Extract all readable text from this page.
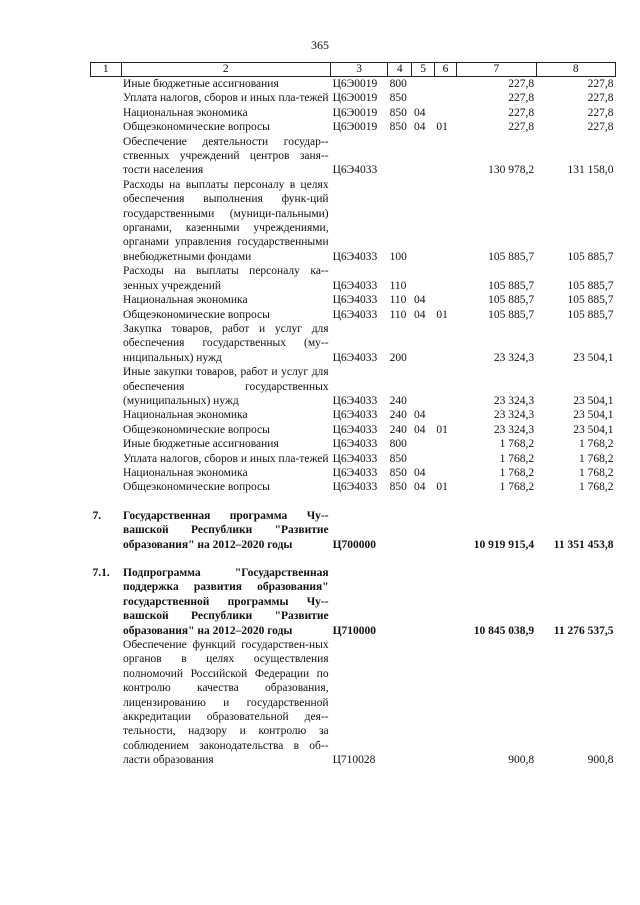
365
1	2	3	4	5	6	7	8
	Иные бюджетные ассигнования	Ц6Э0019	800			227,8	227,8
	Уплата налогов, сборов и иных пла-тежей	Ц6Э0019	850			227,8	227,8
	Национальная экономика	Ц6Э0019	850	04		227,8	227,8
	Общеэкономические вопросы	Ц6Э0019	850	04	01	227,8	227,8
	Обеспечение деятельности государ-ственных учреждений центров заня-тости населения	Ц6Э4033				130 978,2	131 158,0
	Расходы на выплаты персоналу в целях обеспечения выполнения функ-ций государственными (муници-пальными) органами, казенными учреждениями, органами управления государственными внебюджетными фондами	Ц6Э4033	100			105 885,7	105 885,7
	Расходы на выплаты персоналу ка-зенных учреждений	Ц6Э4033	110			105 885,7	105 885,7
	Национальная экономика	Ц6Э4033	110	04		105 885,7	105 885,7
	Общеэкономические вопросы	Ц6Э4033	110	04	01	105 885,7	105 885,7
	Закупка товаров, работ и услуг для обеспечения государственных (му-ниципальных) нужд	Ц6Э4033	200			23 324,3	23 504,1
	Иные закупки товаров, работ и услуг для обеспечения государственных (муниципальных) нужд	Ц6Э4033	240			23 324,3	23 504,1
	Национальная экономика	Ц6Э4033	240	04		23 324,3	23 504,1
	Общеэкономические вопросы	Ц6Э4033	240	04	01	23 324,3	23 504,1
	Иные бюджетные ассигнования	Ц6Э4033	800			1 768,2	1 768,2
	Уплата налогов, сборов и иных пла-тежей	Ц6Э4033	850			1 768,2	1 768,2
	Национальная экономика	Ц6Э4033	850	04		1 768,2	1 768,2
	Общеэкономические вопросы	Ц6Э4033	850	04	01	1 768,2	1 768,2

7.	Государственная программа Чу-вашской Республики "Развитие образования" на 2012–2020 годы	Ц700000				10 919 915,4	11 351 453,8

7.1.	Подпрограмма "Государственная поддержка развития образования" государственной программы Чу-вашской Республики "Развитие образования" на 2012–2020 годы	Ц710000				10 845 038,9	11 276 537,5
	Обеспечение функций государствен-ных органов в целях осуществления полномочий Российской Федерации по контролю качества образования, лицензированию и государственной аккредитации образовательной дея-тельности, надзору и контролю за соблюдением законодательства в об-ласти образования	Ц710028				900,8	900,8
